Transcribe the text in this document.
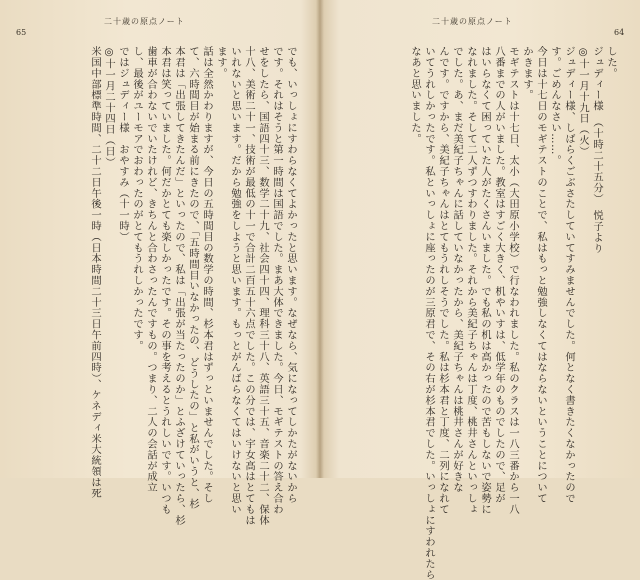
65
二十歳の原点ノート
でも、いっしょにすわらなくてよかったと思います。なぜなら、気になってしかたがないから
です。それはそうと第一時間は国語でした。まあ大体できました。今日、モギテストの答え合わ
せをしたら、国語四十三、数学二十九、社会四十四、理科三十八、英語三十五、音楽二十二、保体
十八、美術二十一、技術が最低の十一で合計二百五十六点でした。この分では、宇女高はとてもは
いれないと思います。だから勉強をしようと思います。もっとがんばらなくてはいけないと思い
ます。
話は全然かわりますが、今日の五時間目の数学の時間、杉本君はずっといませんでした。そし
て、六時間目が始まる前にきたので、「五時間目いなかったの、どうしたの」と私がいうと、杉
本君は「出張してきたんだ」といったので、私は「出張が当たったのか」とふざけていったら、杉
本君は笑っていました。何だかとても楽しかったです。その事を考えるとうれしいです。いつも
歯車が合わないでいたけれど、きちんと合わさったんですもの。つまり、二人の会話が成立
し、最後がユーモアでおわったのがとてもうれしかったです。
ではジュディー様　おやすみ（十一時）
◎十一月二十四日（日）
米国中部標準時間、二十二日午後一時（日本時間二十三日午前四時）、ケネディ米大統領は死
64
二十歳の原点ノート
した。
ジュディー様　（十時二十五分）　悦子より
◎十一月十九日（火）
ジュディー様、しばらくごぶさたしていてすみませんでした。何となく書きたくなかったので
す。ごめんなさい……。
今日は十七日のモギテストのことで、私はもっと勉強しなくてはならないということについて
かきます。
モギテストは十七日、太小（大田原小学校）で行なわれました。私のクラスは一八三番から一八
八番までの人がいました。教室はすごく大きく、机やいすは、低学年のものでしたので、足が
はいらなくて困っていた人がたくさんいました。でも私の机は高かったので苦もしないで姿勢に
なれました。そして二人ずつすわりました。それから美紀子ちゃんは丁度、桃井さんといっしょ
でした。あ、まだ美紀子ちゃんに話していなかったから、美紀子ちゃんは桃井さんが好きな
んです。ですから、美紀子ちゃんはとてもうれしそうでした。私は杉本君と丁度、二列になれて
いてうれしかったです。私といっしょに座ったのが三原君で、その右が杉本君でした。いっしょにすわれたら
なあと思いました。
